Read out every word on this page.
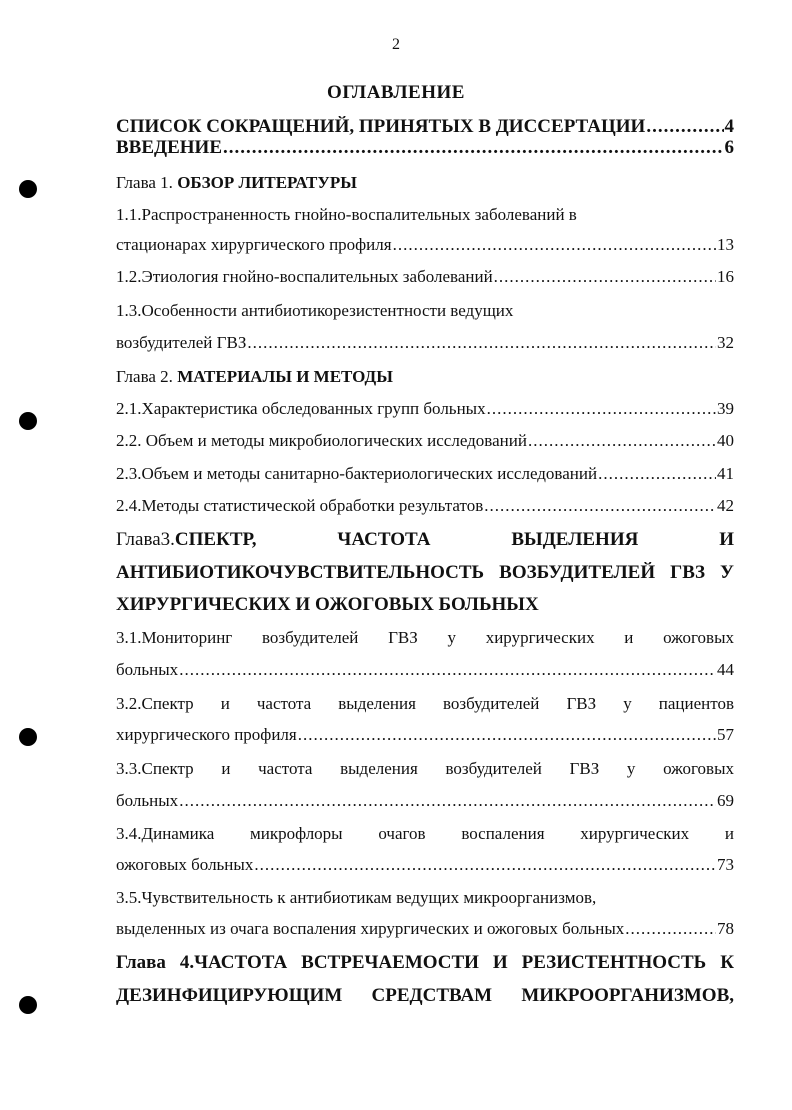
2
ОГЛАВЛЕНИЕ
СПИСОК СОКРАЩЕНИЙ, ПРИНЯТЫХ В ДИССЕРТАЦИИ .....	4
ВВЕДЕНИЕ .....	6
Глава 1. ОБЗОР ЛИТЕРАТУРЫ
1.1.Распространенность гнойно-воспалительных заболеваний в
стационарах хирургического профиля .....	13
1.2.Этиология гнойно-воспалительных заболеваний .....	16
1.3.Особенности антибиотикорезистентности ведущих
возбудителей ГВЗ .....	32
Глава 2. МАТЕРИАЛЫ И МЕТОДЫ
2.1.Характеристика обследованных групп больных .....	39
2.2. Объем и методы микробиологических исследований .....	40
2.3.Объем и методы санитарно-бактериологических исследований .....	41
2.4.Методы статистической обработки результатов .....	42
Глава3.СПЕКТР, ЧАСТОТА ВЫДЕЛЕНИЯ И
АНТИБИОТИКОЧУВСТВИТЕЛЬНОСТЬ ВОЗБУДИТЕЛЕЙ ГВЗ У
ХИРУРГИЧЕСКИХ И ОЖОГОВЫХ БОЛЬНЫХ
3.1.Мониторинг возбудителей ГВЗ у хирургических и ожоговых
больных .....	44
3.2.Спектр и частота выделения возбудителей ГВЗ у пациентов
хирургического профиля .....	57
3.3.Спектр и частота выделения возбудителей ГВЗ у ожоговых
больных .....	69
3.4.Динамика микрофлоры очагов воспаления хирургических и
ожоговых больных .....	73
3.5.Чувствительность к антибиотикам ведущих микроорганизмов,
выделенных из очага воспаления хирургических и ожоговых больных .....	78
Глава 4.ЧАСТОТА ВСТРЕЧАЕМОСТИ И РЕЗИСТЕНТНОСТЬ К
ДЕЗИНФИЦИРУЮЩИМ СРЕДСТВАМ МИКРООРГАНИЗМОВ,
